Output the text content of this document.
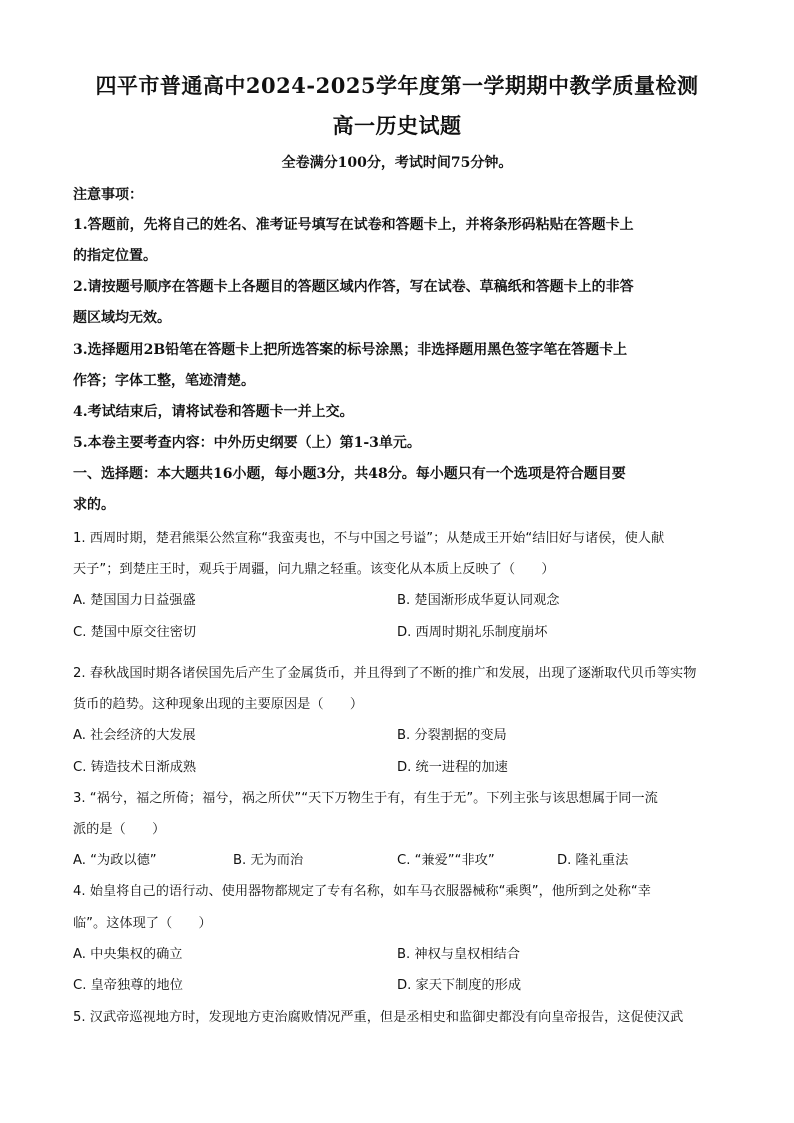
四平市普通高中2024-2025学年度第一学期期中教学质量检测
高一历史试题
全卷满分100分，考试时间75分钟。
注意事项：
1.答题前，先将自己的姓名、准考证号填写在试卷和答题卡上，并将条形码粘贴在答题卡上
的指定位置。
2.请按题号顺序在答题卡上各题目的答题区域内作答，写在试卷、草稿纸和答题卡上的非答
题区域均无效。
3.选择题用2B铅笔在答题卡上把所选答案的标号涂黑；非选择题用黑色签字笔在答题卡上
作答；字体工整，笔迹清楚。
4.考试结束后，请将试卷和答题卡一并上交。
5.本卷主要考查内容：中外历史纲要（上）第1-3单元。
一、选择题：本大题共16小题，每小题3分，共48分。每小题只有一个选项是符合题目要
求的。
1. 西周时期，楚君熊渠公然宣称“我蛮夷也，不与中国之号谥”；从楚成王开始“结旧好与诸侯，使人献
天子”；到楚庄王时，观兵于周疆，问九鼎之轻重。该变化从本质上反映了（　　）
A. 楚国国力日益强盛	B. 楚国渐形成华夏认同观念
C. 楚国中原交往密切	D. 西周时期礼乐制度崩坏
2. 春秋战国时期各诸侯国先后产生了金属货币，并且得到了不断的推广和发展，出现了逐渐取代贝币等实物
货币的趋势。这种现象出现的主要原因是（　　）
A. 社会经济的大发展	B. 分裂割据的变局
C. 铸造技术日渐成熟	D. 统一进程的加速
3. “祸兮，福之所倚；福兮，祸之所伏”“天下万物生于有，有生于无”。下列主张与该思想属于同一流
派的是（　　）
A. “为政以德”	B. 无为而治	C. “兼爱”“非攻”	D. 隆礼重法
4. 始皇将自己的语行动、使用器物都规定了专有名称，如车马衣服器械称“乘舆”，他所到之处称“幸
临”。这体现了（　　）
A. 中央集权的确立	B. 神权与皇权相结合
C. 皇帝独尊的地位	D. 家天下制度的形成
5. 汉武帝巡视地方时，发现地方吏治腐败情况严重，但是丞相史和监御史都没有向皇帝报告，这促使汉武
